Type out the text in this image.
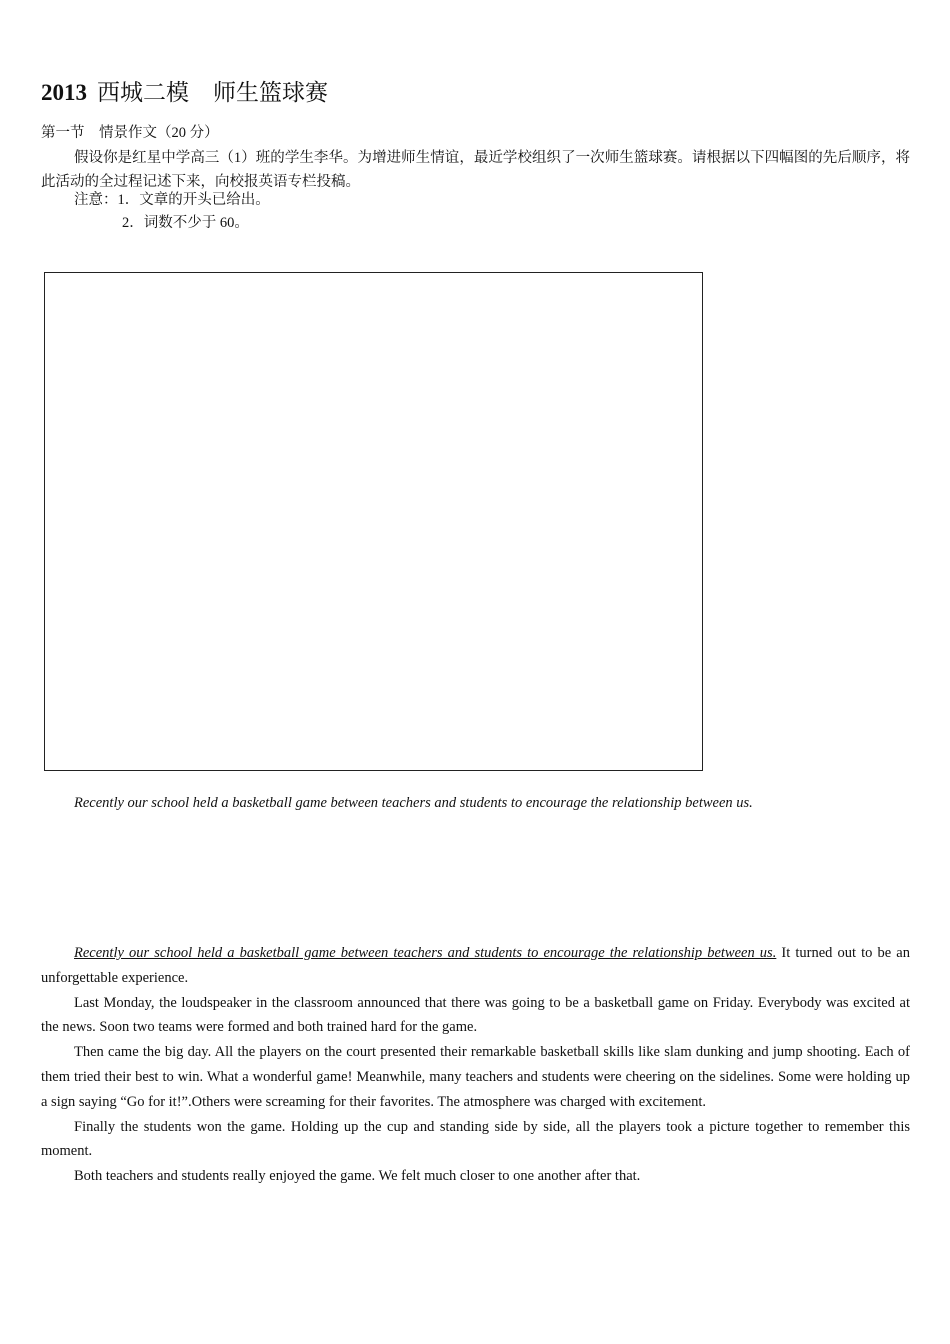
2013 西城二模 师生篮球赛
第一节　情景作文（20 分）

假设你是红星中学高三（1）班的学生李华。为增进师生情谊，最近学校组织了一次师生篮球赛。请根据以下四幅图的先后顺序，将此活动的全过程记述下来，向校报英语专栏投稿。

注意：1．文章的开头已给出。
2．词数不少于 60。
Recently our school held a basketball game between teachers and students to encourage the relationship between us.

Recently our school held a basketball game between teachers and students to encourage the relationship between us. It turned out to be an unforgettable experience.

Last Monday, the loudspeaker in the classroom announced that there was going to be a basketball game on Friday. Everybody was excited at the news. Soon two teams were formed and both trained hard for the game.

Then came the big day. All the players on the court presented their remarkable basketball skills like slam dunking and jump shooting. Each of them tried their best to win. What a wonderful game! Meanwhile, many teachers and students were cheering on the sidelines. Some were holding up a sign saying “Go for it!”.Others were screaming for their favorites. The atmosphere was charged with excitement.

Finally the students won the game. Holding up the cup and standing side by side, all the players took a picture together to remember this moment.

Both teachers and students really enjoyed the game. We felt much closer to one another after that.
